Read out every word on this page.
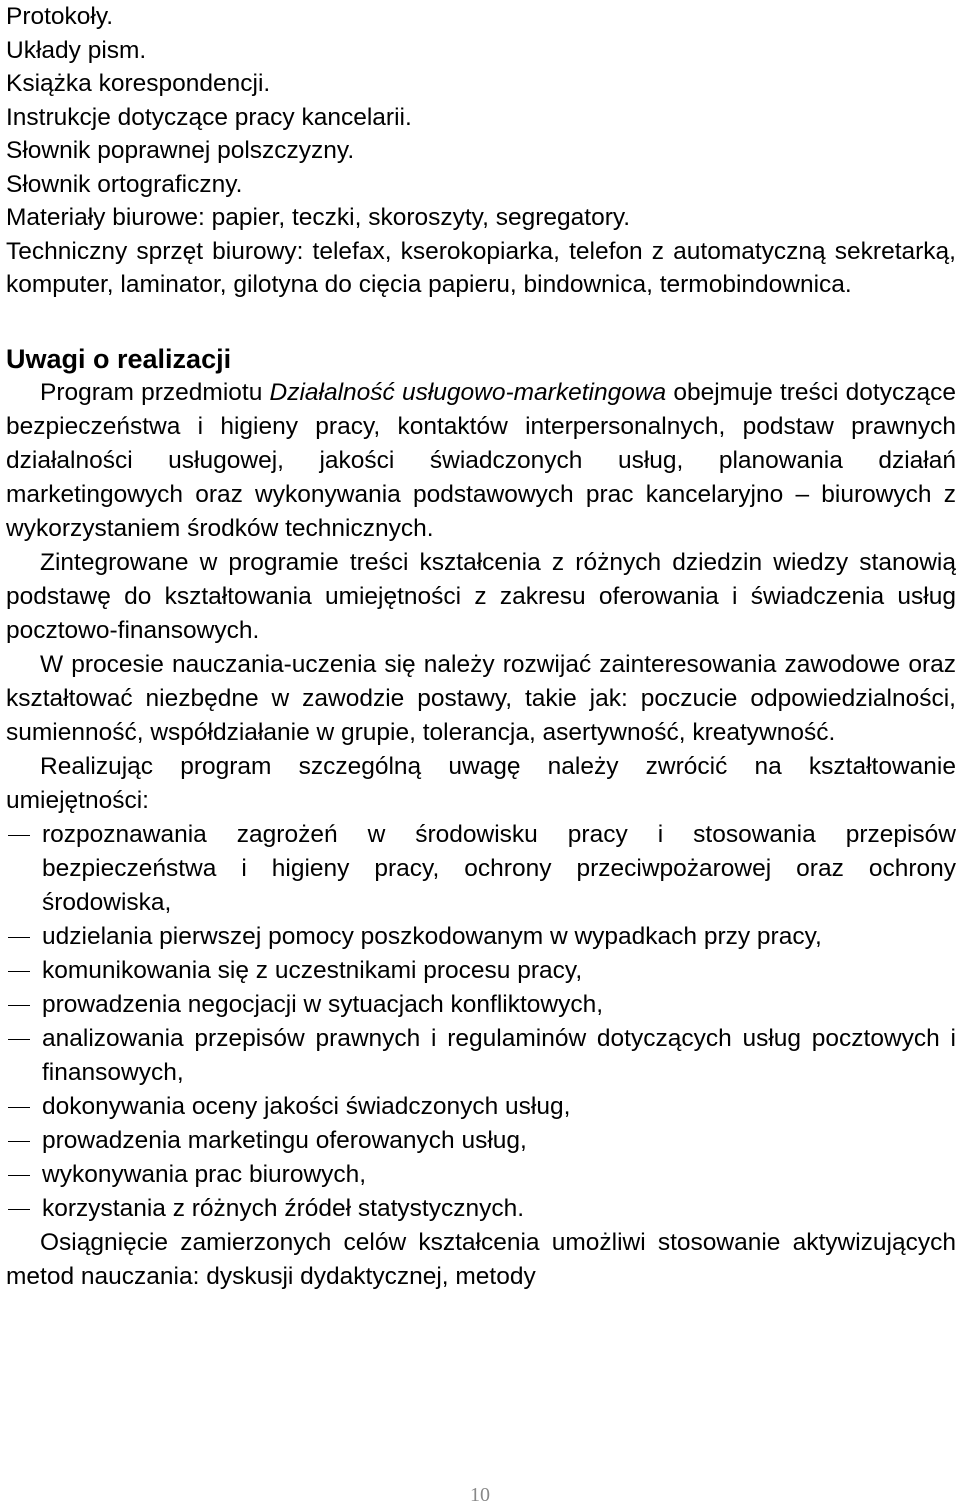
Protokoły.
Układy pism.
Książka korespondencji.
Instrukcje dotyczące pracy kancelarii.
Słownik poprawnej polszczyzny.
Słownik ortograficzny.
Materiały biurowe: papier, teczki, skoroszyty, segregatory.
Techniczny sprzęt biurowy: telefax, kserokopiarka, telefon z automatyczną sekretarką, komputer, laminator, gilotyna do cięcia papieru, bindownica, termobindownica.
Uwagi o realizacji

Program przedmiotu Działalność usługowo-marketingowa obejmuje treści dotyczące bezpieczeństwa i higieny pracy, kontaktów interpersonalnych, podstaw prawnych działalności usługowej, jakości świadczonych usług, planowania działań marketingowych oraz wykonywania podstawowych prac kancelaryjno – biurowych z wykorzystaniem środków technicznych.

Zintegrowane w programie treści kształcenia z różnych dziedzin wiedzy stanowią podstawę do kształtowania umiejętności z zakresu oferowania i świadczenia usług pocztowo-finansowych.

W procesie nauczania-uczenia się należy rozwijać zainteresowania zawodowe oraz kształtować niezbędne w zawodzie postawy, takie jak: poczucie odpowiedzialności, sumienność, współdziałanie w grupie, tolerancja, asertywność, kreatywność.

Realizując program szczególną uwagę należy zwrócić na kształtowanie umiejętności:

rozpoznawania zagrożeń w środowisku pracy i stosowania przepisów bezpieczeństwa i higieny pracy, ochrony przeciwpożarowej oraz ochrony środowiska,
udzielania pierwszej pomocy poszkodowanym w wypadkach przy pracy,
komunikowania się z uczestnikami procesu pracy,
prowadzenia negocjacji w sytuacjach konfliktowych,
analizowania przepisów prawnych i regulaminów dotyczących usług pocztowych i finansowych,
dokonywania oceny jakości świadczonych usług,
prowadzenia marketingu oferowanych usług,
wykonywania prac biurowych,
korzystania z różnych źródeł statystycznych.

Osiągnięcie zamierzonych celów kształcenia umożliwi stosowanie aktywizujących metod nauczania: dyskusji dydaktycznej, metody

10
